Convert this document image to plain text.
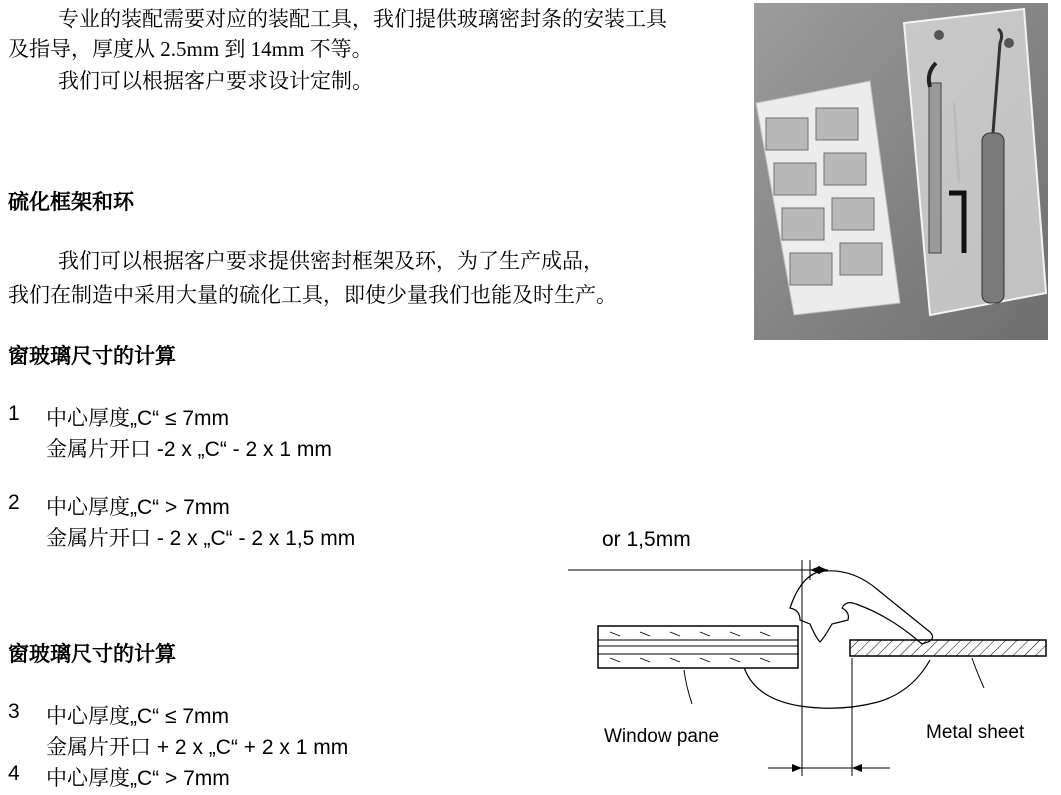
专业的装配需要对应的装配工具，我们提供玻璃密封条的安装工具
及指导，厚度从 2.5mm 到 14mm 不等。
我们可以根据客户要求设计定制。
硫化框架和环
我们可以根据客户要求提供密封框架及环，为了生产成品，
我们在制造中采用大量的硫化工具，即使少量我们也能及时生产。
窗玻璃尺寸的计算
1 中心厚度„C“ ≤ 7mm
金属片开口 -2 x „C“ - 2 x 1 mm
2 中心厚度„C“ > 7mm
金属片开口 - 2 x „C“ - 2 x 1,5 mm
窗玻璃尺寸的计算
3 中心厚度„C“ ≤ 7mm
金属片开口 + 2 x „C“ + 2 x 1 mm
4 中心厚度„C“ > 7mm
or 1,5mm
Window pane	Metal sheet
